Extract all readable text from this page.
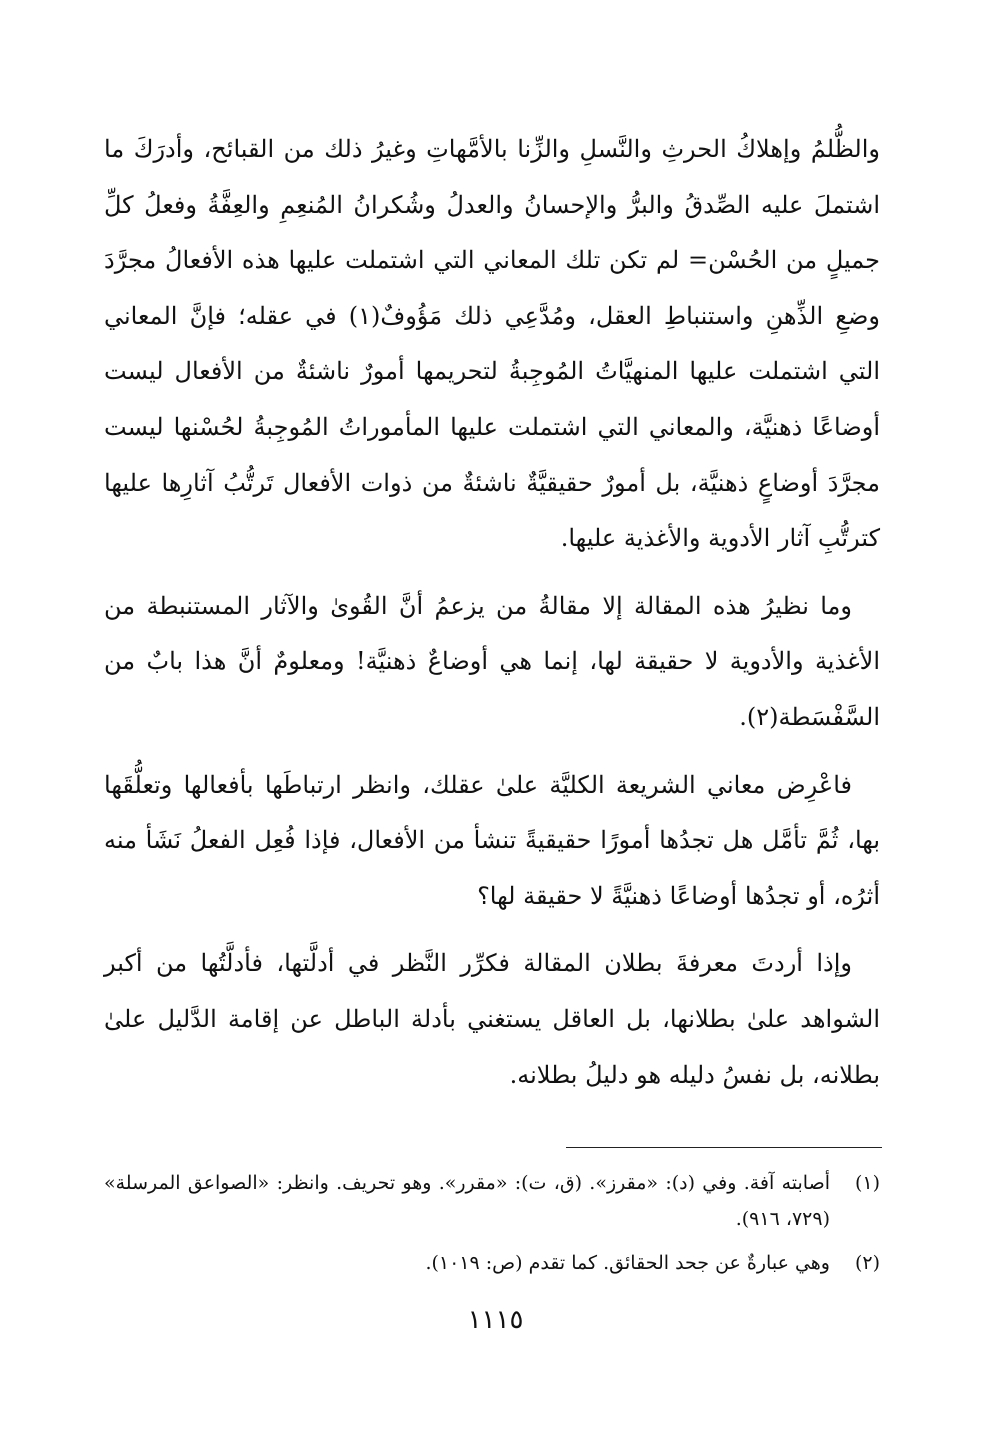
والظُّلمُ وإهلاكُ الحرثِ والنَّسلِ والزِّنا بالأمَّهاتِ وغيرُ ذلك من القبائح، وأدرَكَ ما اشتملَ عليه الصِّدقُ والبرُّ والإحسانُ والعدلُ وشُكرانُ المُنعِمِ والعِفَّةُ وفعلُ كلِّ جميلٍ من الحُسْن= لم تكن تلك المعاني التي اشتملت عليها هذه الأفعالُ مجرَّدَ وضعِ الذِّهنِ واستنباطِ العقل، ومُدَّعِي ذلك مَؤُوفٌ(١) في عقله؛ فإنَّ المعاني التي اشتملت عليها المنهيَّاتُ المُوجِبةُ لتحريمها أمورٌ ناشئةٌ من الأفعال ليست أوضاعًا ذهنيَّة، والمعاني التي اشتملت عليها المأموراتُ المُوجِبةُ لحُسْنها ليست مجرَّدَ أوضاعٍ ذهنيَّة، بل أمورٌ حقيقيَّةٌ ناشئةٌ من ذوات الأفعال تَرتُّبُ آثارِها عليها كترتُّبِ آثار الأدوية والأغذية عليها.

وما نظيرُ هذه المقالة إلا مقالةُ من يزعمُ أنَّ القُوىٰ والآثار المستنبطة من الأغذية والأدوية لا حقيقة لها، إنما هي أوضاعٌ ذهنيَّة! ومعلومٌ أنَّ هذا بابٌ من السَّفْسَطة(٢).

فاعْرِض معاني الشريعة الكليَّة علىٰ عقلك، وانظر ارتباطَها بأفعالها وتعلُّقَها بها، ثُمَّ تأمَّل هل تجدُها أمورًا حقيقيةً تنشأ من الأفعال، فإذا فُعِل الفعلُ نَشَأ منه أثرُه، أو تجدُها أوضاعًا ذهنيَّةً لا حقيقة لها؟

وإذا أردتَ معرفةَ بطلان المقالة فكرِّر النَّظر في أدلَّتها، فأدلَّتُها من أكبر الشواهد علىٰ بطلانها، بل العاقل يستغني بأدلة الباطل عن إقامة الدَّليل علىٰ بطلانه، بل نفسُ دليله هو دليلُ بطلانه.

(١)
أصابته آفة. وفي (د): «مقرز». (ق، ت): «مقرر». وهو تحريف. وانظر: «الصواعق المرسلة» (٧٢٩، ٩١٦).

(٢)
وهي عبارةٌ عن جحد الحقائق. كما تقدم (ص: ١٠١٩).

١١١٥
